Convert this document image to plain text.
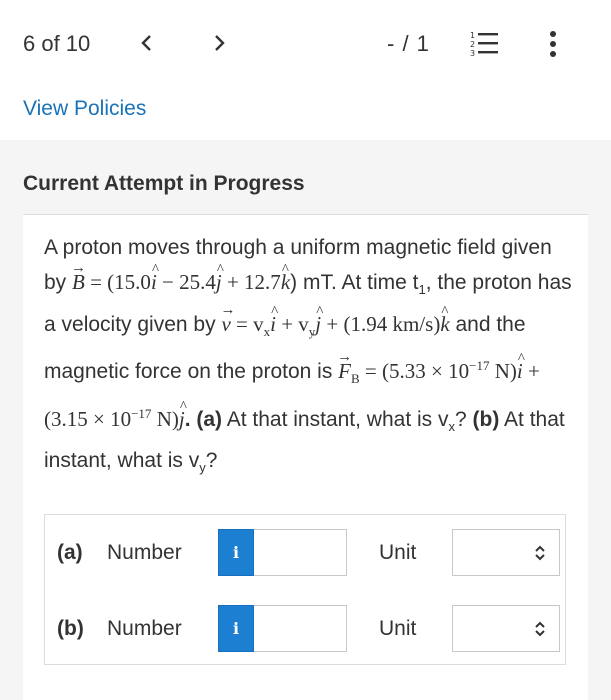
6 of 10	- / 1	1
2
3
View Policies
Current Attempt in Progress
A proton moves through a uniform magnetic field given by → B = (15.0^ i − 25.4^ j + 12.7^ k) mT. At time $t_1$, the proton has a velocity given by → $v = v_x\^{}$ $i + v_y\^{}$ j + (1.94 km/s)^ k and the magnetic force on the proton is → $F_B = (5.33 \times 10^{-17}$ N)^ $i + (3.15 \times 10^{-17}$ N)^ j. (a) At that instant, what is $v_x$? (b) At that instant, what is $v_y$?
(a) Number	i	Unit
(b) Number	i	Unit
